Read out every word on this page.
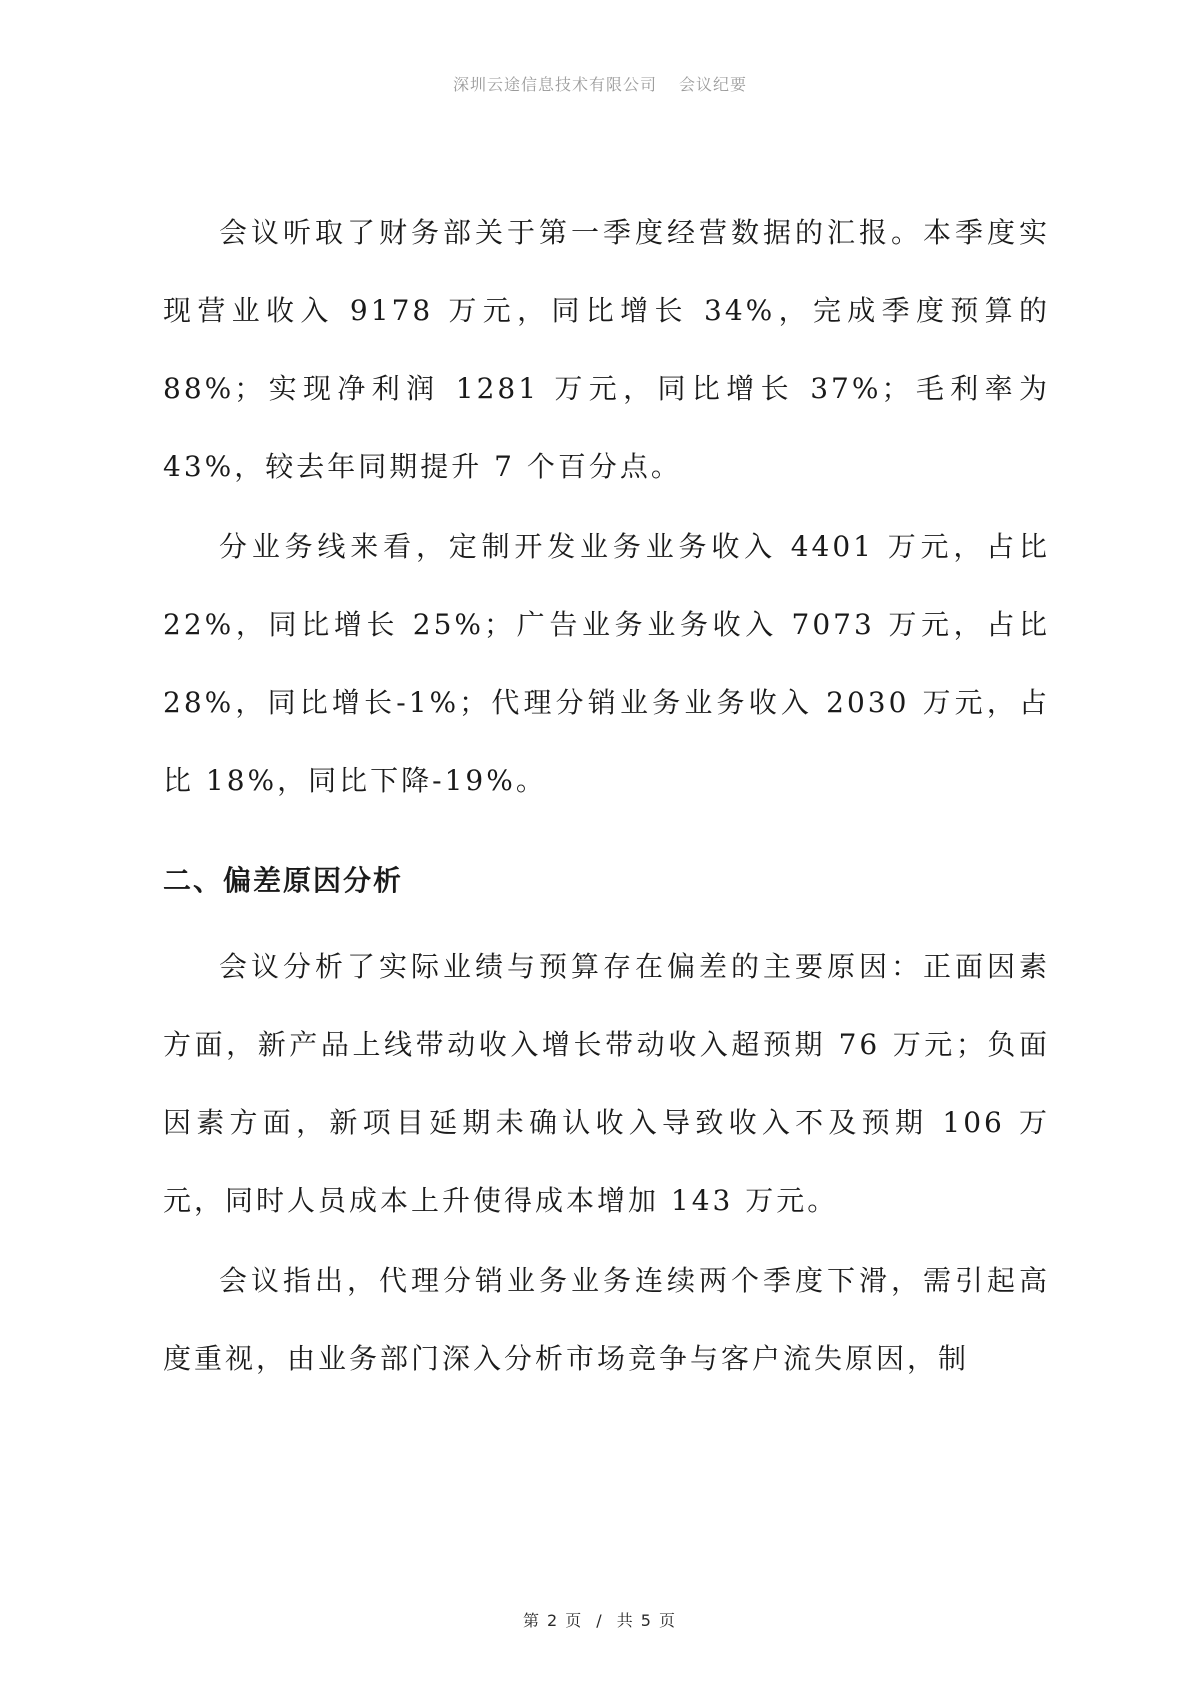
深圳云途信息技术有限公司 会议纪要

会议听取了财务部关于第一季度经营数据的汇报。本季度实现营业收入 9178 万元，同比增长 34%，完成季度预算的 88%；实现净利润 1281 万元，同比增长 37%；毛利率为 43%，较去年同期提升 7 个百分点。

分业务线来看，定制开发业务业务收入 4401 万元，占比 22%，同比增长 25%；广告业务业务收入 7073 万元，占比 28%，同比增长-1%；代理分销业务业务收入 2030 万元，占比 18%，同比下降-19%。

二、偏差原因分析

会议分析了实际业绩与预算存在偏差的主要原因：正面因素方面，新产品上线带动收入增长带动收入超预期 76 万元；负面因素方面，新项目延期未确认收入导致收入不及预期 106 万元，同时人员成本上升使得成本增加 143 万元。

会议指出，代理分销业务业务连续两个季度下滑，需引起高度重视，由业务部门深入分析市场竞争与客户流失原因，制

第 2 页 / 共 5 页
